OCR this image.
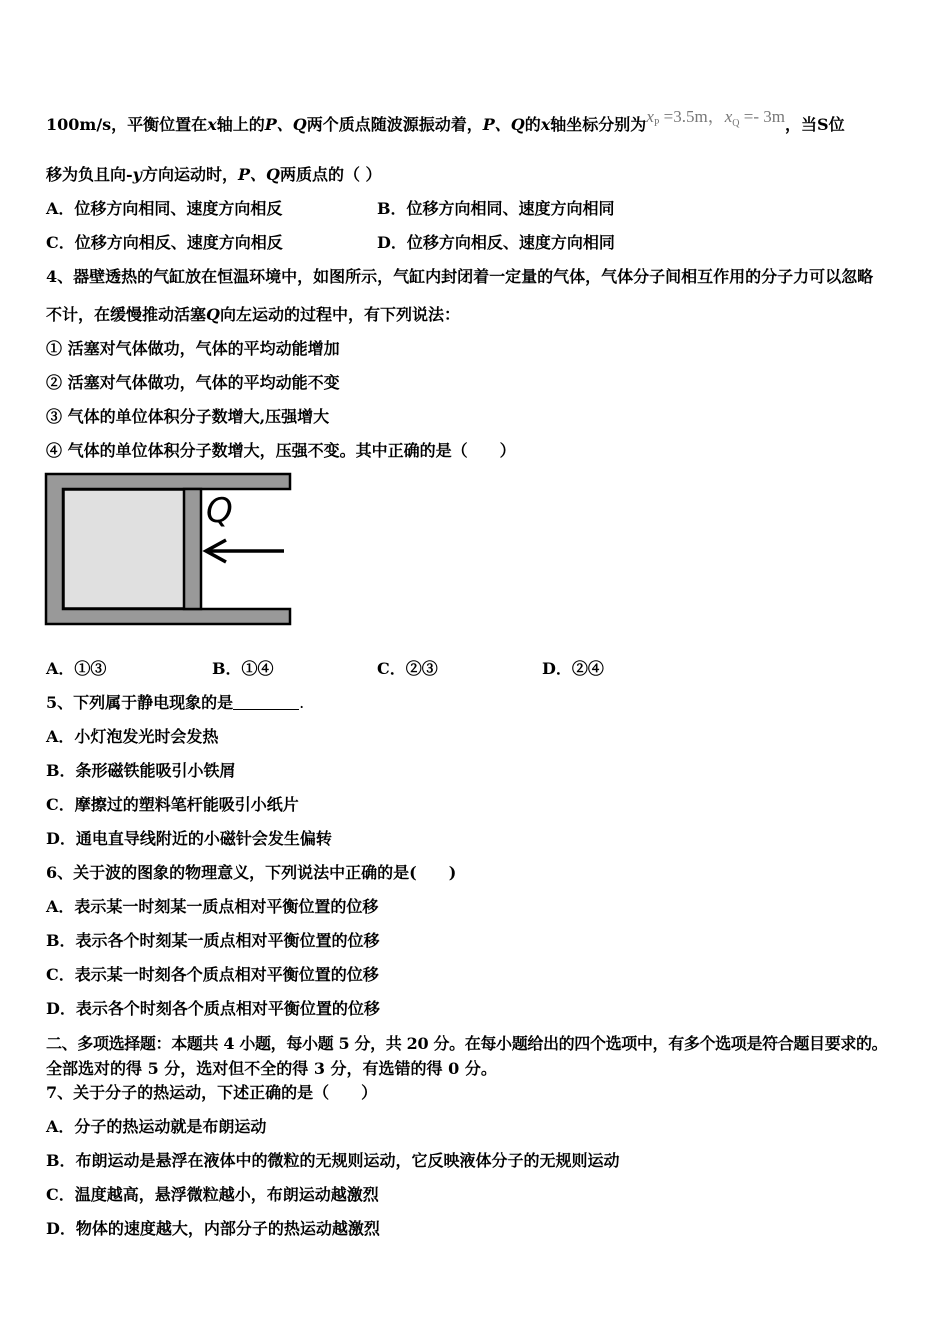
100m/s，平衡位置在x轴上的P、Q两个质点随波源振动着，P、Q的x轴坐标分别为$x_P =3.5m$，$x_Q =- 3m$，当S位
移为负且向-y方向运动时，P、Q两质点的（ ）
A．位移方向相同、速度方向相反	B．位移方向相同、速度方向相同
C．位移方向相反、速度方向相反	D．位移方向相反、速度方向相同
4、器壁透热的气缸放在恒温环境中，如图所示，气缸内封闭着一定量的气体，气体分子间相互作用的分子力可以忽略
不计，在缓慢推动活塞Q向左运动的过程中，有下列说法：
① 活塞对气体做功，气体的平均动能增加
② 活塞对气体做功，气体的平均动能不变
③ 气体的单位体积分子数增大,压强增大
④ 气体的单位体积分子数增大，压强不变。其中正确的是（　　）
Q
A．①③	B．①④	C．②③	D．②④
5、下列属于静电现象的是	.
A．小灯泡发光时会发热
B．条形磁铁能吸引小铁屑
C．摩擦过的塑料笔杆能吸引小纸片
D．通电直导线附近的小磁针会发生偏转
6、关于波的图象的物理意义，下列说法中正确的是(　　)
A．表示某一时刻某一质点相对平衡位置的位移
B．表示各个时刻某一质点相对平衡位置的位移
C．表示某一时刻各个质点相对平衡位置的位移
D．表示各个时刻各个质点相对平衡位置的位移
二、多项选择题：本题共 4 小题，每小题 5 分，共 20 分。在每小题给出的四个选项中，有多个选项是符合题目要求的。
全部选对的得 5 分，选对但不全的得 3 分，有选错的得 0 分。
7、关于分子的热运动，下述正确的是（　　）
A．分子的热运动就是布朗运动
B．布朗运动是悬浮在液体中的微粒的无规则运动，它反映液体分子的无规则运动
C．温度越高，悬浮微粒越小，布朗运动越激烈
D．物体的速度越大，内部分子的热运动越激烈
